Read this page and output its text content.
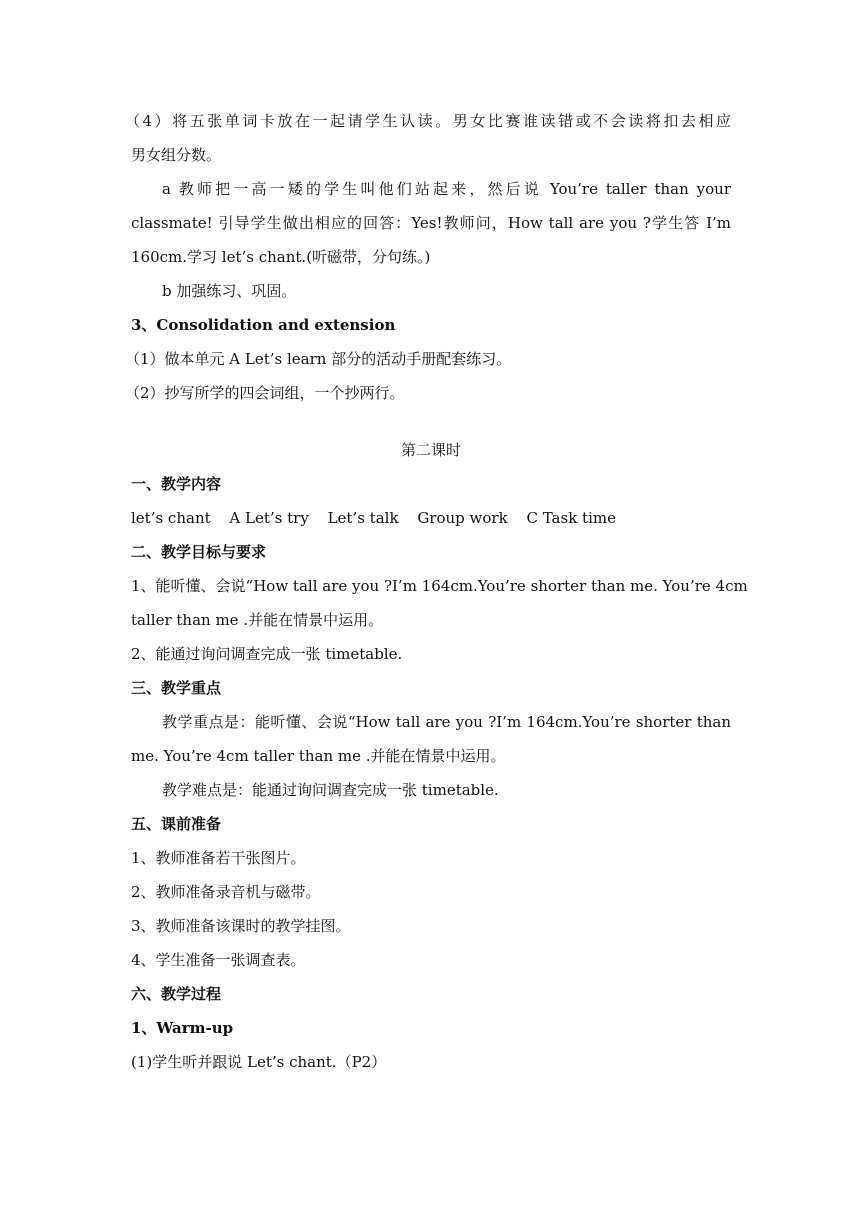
（4）将五张单词卡放在一起请学生认读。男女比赛谁读错或不会读将扣去相应
男女组分数。
a 教师把一高一矮的学生叫他们站起来，然后说 You’re taller than your
classmate! 引导学生做出相应的回答：Yes!教师问，How tall are you ?学生答 I’m
160cm.学习 let’s chant.(听磁带，分句练。)
b 加强练习、巩固。
3、Consolidation and extension
（1）做本单元 A Let’s learn 部分的活动手册配套练习。
（2）抄写所学的四会词组，一个抄两行。
第二课时
一、教学内容
let’s chant A Let’s try Let’s talk Group work C Task time
二、教学目标与要求
1、能听懂、会说“How tall are you ?I’m 164cm.You’re shorter than me. You’re 4cm
taller than me .并能在情景中运用。
2、能通过询问调查完成一张 timetable.
三、教学重点
教学重点是：能听懂、会说“How tall are you ?I’m 164cm.You’re shorter than
me. You’re 4cm taller than me .并能在情景中运用。
教学难点是：能通过询问调查完成一张 timetable.
五、课前准备
1、教师准备若干张图片。
2、教师准备录音机与磁带。
3、教师准备该课时的教学挂图。
4、学生准备一张调查表。
六、教学过程
1、Warm-up
(1)学生听并跟说 Let’s chant.（P2）
